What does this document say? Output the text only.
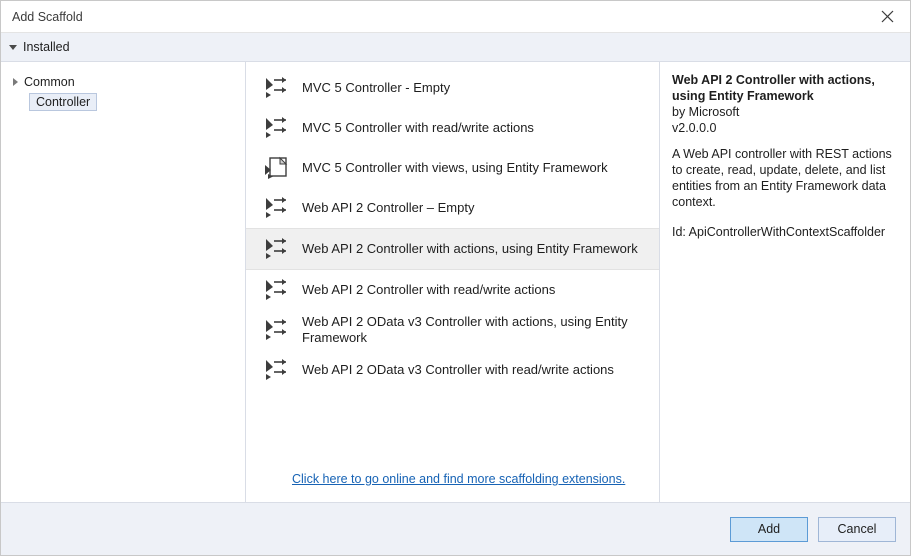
Add Scaffold
Installed
Common
Controller
MVC 5 Controller - Empty
MVC 5 Controller with read/write actions
MVC 5 Controller with views, using Entity Framework
Web API 2 Controller – Empty
Web API 2 Controller with actions, using Entity Framework
Web API 2 Controller with read/write actions
Web API 2 OData v3 Controller with actions, using Entity Framework
Web API 2 OData v3 Controller with read/write actions
Click here to go online and find more scaffolding extensions.
Web API 2 Controller with actions, using Entity Framework
by Microsoft
v2.0.0.0
A Web API controller with REST actions to create, read, update, delete, and list entities from an Entity Framework data context.
Id: ApiControllerWithContextScaffolder
Add	Cancel
